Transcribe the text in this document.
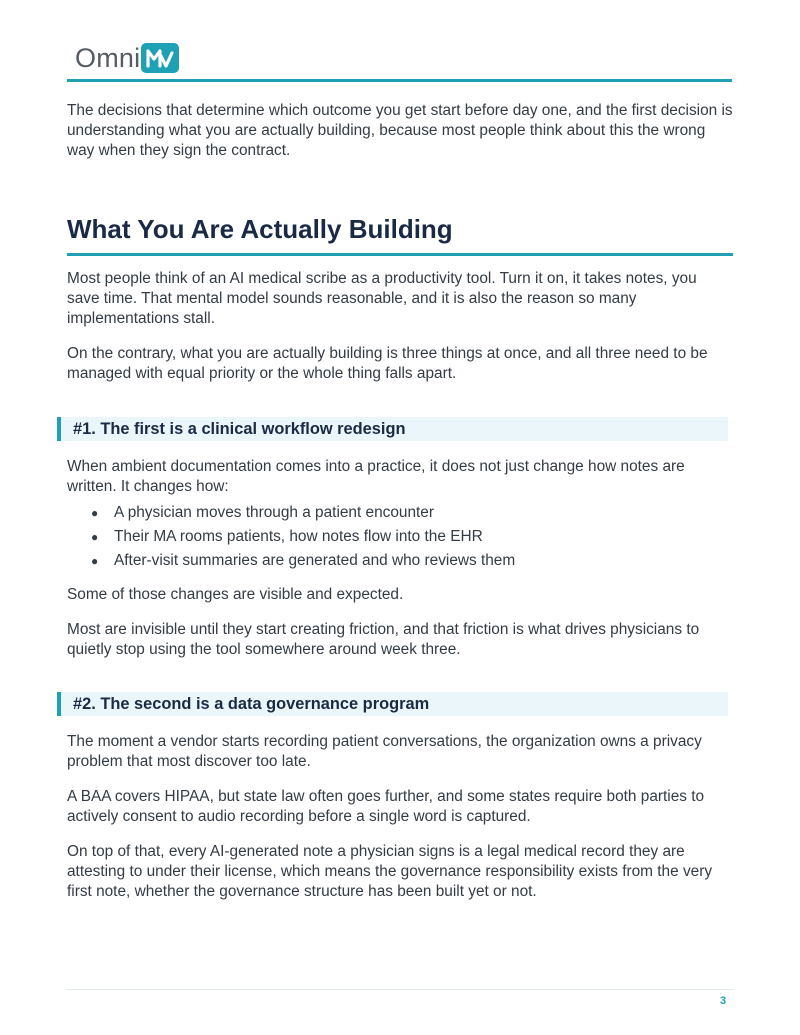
Omni

The decisions that determine which outcome you get start before day one, and the first decision is understanding what you are actually building, because most people think about this the wrong way when they sign the contract.

What You Are Actually Building

Most people think of an AI medical scribe as a productivity tool. Turn it on, it takes notes, you save time. That mental model sounds reasonable, and it is also the reason so many implementations stall.

On the contrary, what you are actually building is three things at once, and all three need to be managed with equal priority or the whole thing falls apart.

#1. The first is a clinical workflow redesign

When ambient documentation comes into a practice, it does not just change how notes are written. It changes how:

● A physician moves through a patient encounter
● Their MA rooms patients, how notes flow into the EHR
● After-visit summaries are generated and who reviews them

Some of those changes are visible and expected.

Most are invisible until they start creating friction, and that friction is what drives physicians to quietly stop using the tool somewhere around week three.

#2. The second is a data governance program

The moment a vendor starts recording patient conversations, the organization owns a privacy problem that most discover too late.

A BAA covers HIPAA, but state law often goes further, and some states require both parties to actively consent to audio recording before a single word is captured.

On top of that, every AI-generated note a physician signs is a legal medical record they are attesting to under their license, which means the governance responsibility exists from the very first note, whether the governance structure has been built yet or not.

3
